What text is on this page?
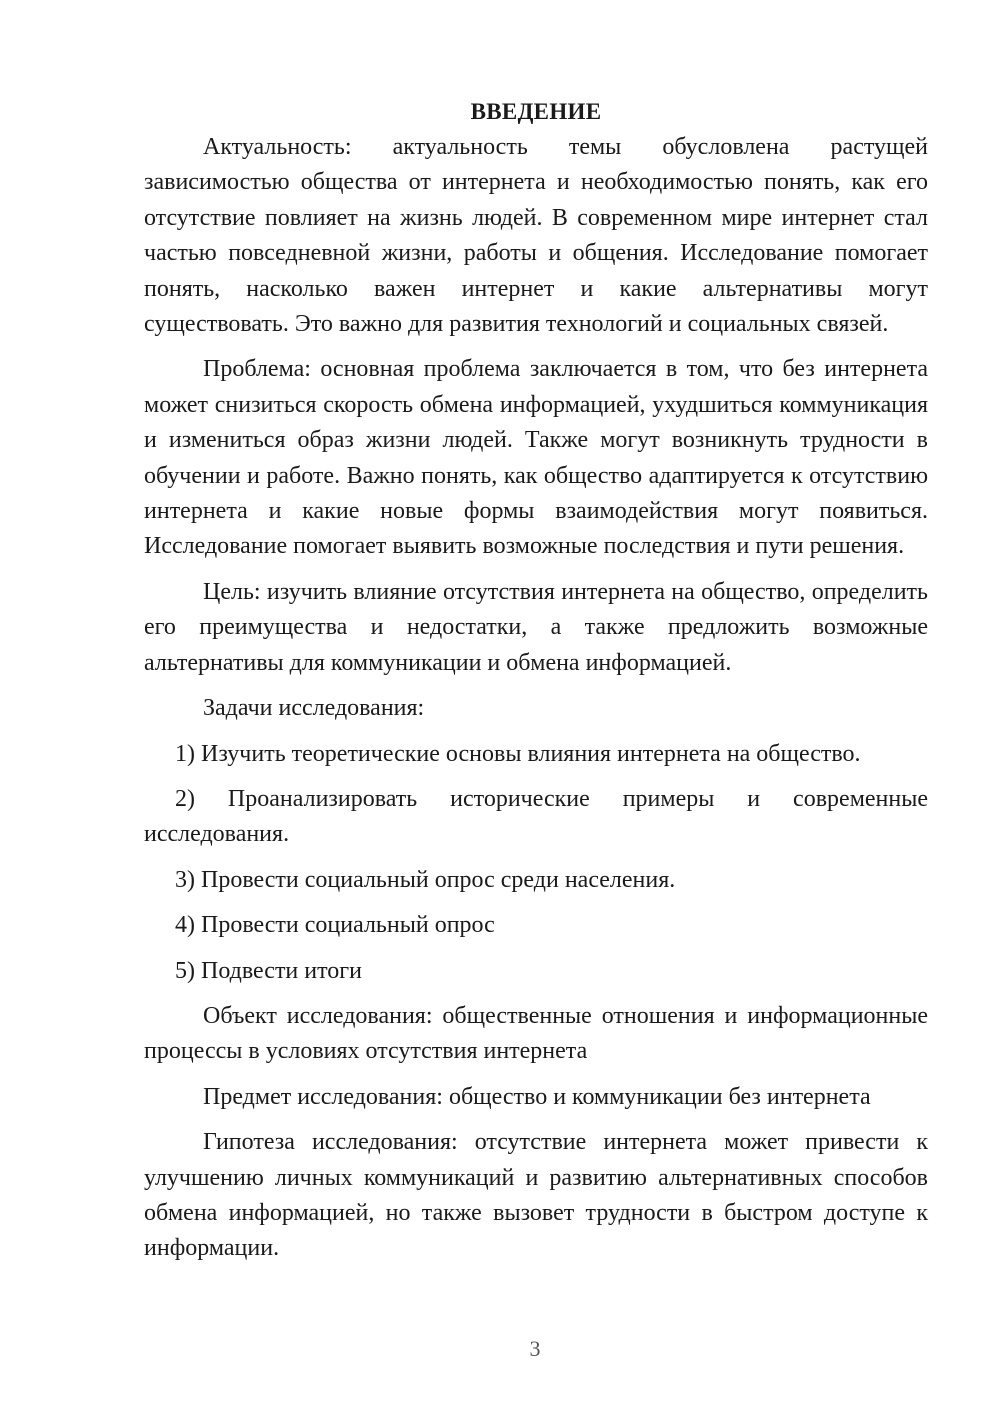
ВВЕДЕНИЕ

Актуальность: актуальность темы обусловлена растущей зависимостью общества от интернета и необходимостью понять, как его отсутствие повлияет на жизнь людей. В современном мире интернет стал частью повседневной жизни, работы и общения. Исследование помогает понять, насколько важен интернет и какие альтернативы могут существовать. Это важно для развития технологий и социальных связей.

Проблема: основная проблема заключается в том, что без интернета может снизиться скорость обмена информацией, ухудшиться коммуникация и измениться образ жизни людей. Также могут возникнуть трудности в обучении и работе. Важно понять, как общество адаптируется к отсутствию интернета и какие новые формы взаимодействия могут появиться. Исследование помогает выявить возможные последствия и пути решения.

Цель: изучить влияние отсутствия интернета на общество, определить его преимущества и недостатки, а также предложить возможные альтернативы для коммуникации и обмена информацией.

Задачи исследования:

1) Изучить теоретические основы влияния интернета на общество.

2) Проанализировать исторические примеры и современные исследования.

3) Провести социальный опрос среди населения.

4) Провести социальный опрос

5) Подвести итоги

Объект исследования: общественные отношения и информационные процессы в условиях отсутствия интернета

Предмет исследования: общество и коммуникации без интернета

Гипотеза исследования: отсутствие интернета может привести к улучшению личных коммуникаций и развитию альтернативных способов обмена информацией, но также вызовет трудности в быстром доступе к информации.

3
